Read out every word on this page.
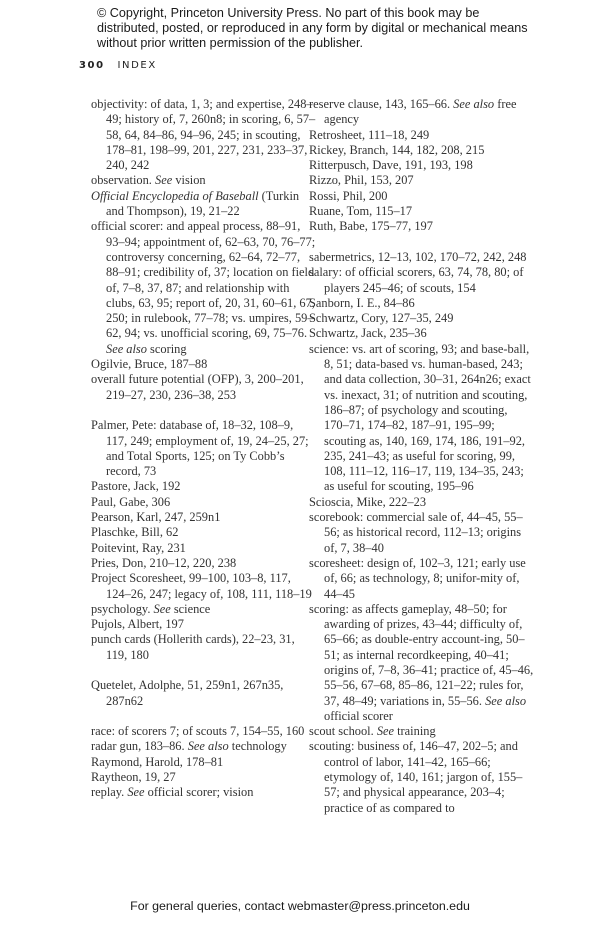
© Copyright, Princeton University Press. No part of this book may be distributed, posted, or reproduced in any form by digital or mechanical means without prior written permission of the publisher.
300 INDEX

objectivity: of data, 1, 3; and expertise, 248–49; history of, 7, 260n8; in scoring, 6, 57–58, 64, 84–86, 94–96, 245; in scouting, 178–81, 198–99, 201, 227, 231, 233–37, 240, 242

observation. See vision

Official Encyclopedia of Baseball (Turkin and Thompson), 19, 21–22

official scorer: and appeal process, 88–91, 93–94; appointment of, 62–63, 70, 76–77; controversy concerning, 62–64, 72–77, 88–91; credibility of, 37; location on field of, 7–8, 37, 87; and relationship with clubs, 63, 95; report of, 20, 31, 60–61, 67, 250; in rulebook, 77–78; vs. umpires, 59–62, 94; vs. unofficial scoring, 69, 75–76. See also scoring

Ogilvie, Bruce, 187–88

overall future potential (OFP), 3, 200–201, 219–27, 230, 236–38, 253

Palmer, Pete: database of, 18–32, 108–9, 117, 249; employment of, 19, 24–25, 27; and Total Sports, 125; on Ty Cobb’s record, 73

Pastore, Jack, 192

Paul, Gabe, 306

Pearson, Karl, 247, 259n1

Plaschke, Bill, 62

Poitevint, Ray, 231

Pries, Don, 210–12, 220, 238

Project Scoresheet, 99–100, 103–8, 117, 124–26, 247; legacy of, 108, 111, 118–19

psychology. See science

Pujols, Albert, 197

punch cards (Hollerith cards), 22–23, 31, 119, 180

Quetelet, Adolphe, 51, 259n1, 267n35, 287n62

race: of scorers 7; of scouts 7, 154–55, 160

radar gun, 183–86. See also technology

Raymond, Harold, 178–81

Raytheon, 19, 27

replay. See official scorer; vision

reserve clause, 143, 165–66. See also free agency

Retrosheet, 111–18, 249

Rickey, Branch, 144, 182, 208, 215

Ritterpusch, Dave, 191, 193, 198

Rizzo, Phil, 153, 207

Rossi, Phil, 200

Ruane, Tom, 115–17

Ruth, Babe, 175–77, 197

sabermetrics, 12–13, 102, 170–72, 242, 248

salary: of official scorers, 63, 74, 78, 80; of players 245–46; of scouts, 154

Sanborn, I. E., 84–86

Schwartz, Cory, 127–35, 249

Schwartz, Jack, 235–36

science: vs. art of scoring, 93; and base-ball, 8, 51; data-based vs. human-based, 243; and data collection, 30–31, 264n26; exact vs. inexact, 31; of nutrition and scouting, 186–87; of psychology and scouting, 170–71, 174–82, 187–91, 195–99; scouting as, 140, 169, 174, 186, 191–92, 235, 241–43; as useful for scoring, 99, 108, 111–12, 116–17, 119, 134–35, 243; as useful for scouting, 195–96

Scioscia, Mike, 222–23

scorebook: commercial sale of, 44–45, 55–56; as historical record, 112–13; origins of, 7, 38–40

scoresheet: design of, 102–3, 121; early use of, 66; as technology, 8; unifor-mity of, 44–45

scoring: as affects gameplay, 48–50; for awarding of prizes, 43–44; difficulty of, 65–66; as double-entry account-ing, 50–51; as internal recordkeeping, 40–41; origins of, 7–8, 36–41; practice of, 45–46, 55–56, 67–68, 85–86, 121–22; rules for, 37, 48–49; variations in, 55–56. See also official scorer

scout school. See training

scouting: business of, 146–47, 202–5; and control of labor, 141–42, 165–66; etymology of, 140, 161; jargon of, 155–57; and physical appearance, 203–4; practice of as compared to

For general queries, contact webmaster@press.princeton.edu
